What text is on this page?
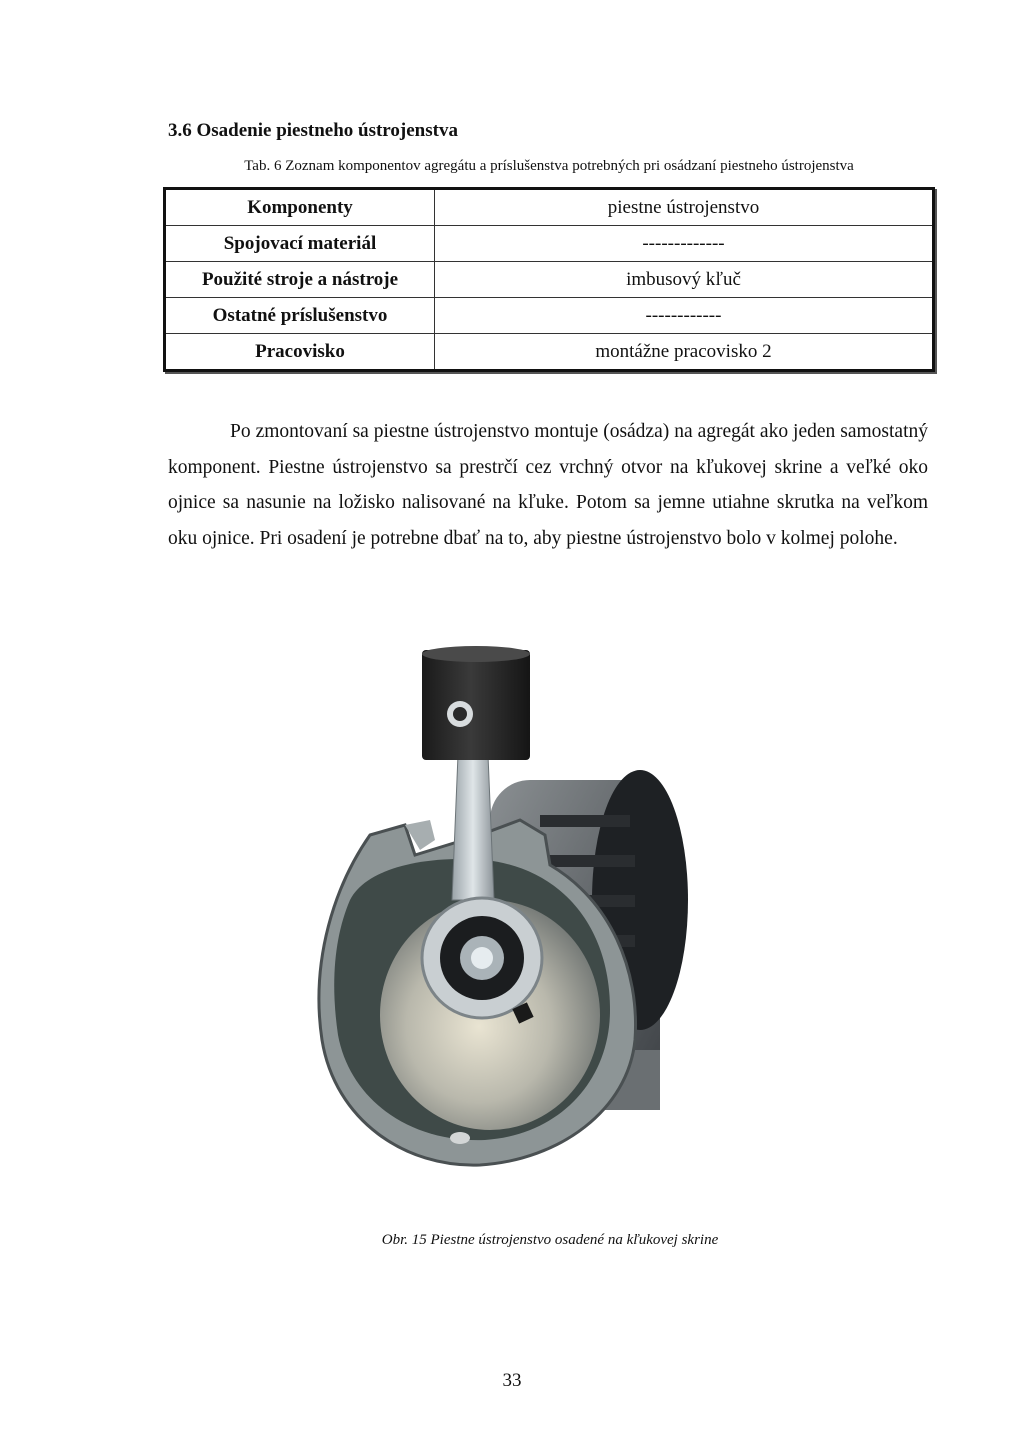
3.6 Osadenie piestneho ústrojenstva

Tab. 6 Zoznam komponentov agregátu a príslušenstva potrebných pri osádzaní piestneho ústrojenstva

Komponenty	piestne ústrojenstvo
Spojovací materiál	-------------
Použité stroje a nástroje	imbusový kľuč
Ostatné príslušenstvo	------------
Pracovisko	montážne pracovisko 2

Po zmontovaní sa piestne ústrojenstvo montuje (osádza) na agregát ako jeden samostatný komponent. Piestne ústrojenstvo sa prestrčí cez vrchný otvor na kľukovej skrine a veľké oko ojnice sa nasunie na ložisko nalisované na kľuke. Potom sa jemne utiahne skrutka na veľkom oku ojnice. Pri osadení je potrebne dbať na to, aby piestne ústrojenstvo bolo v kolmej polohe.

Obr. 15 Piestne ústrojenstvo osadené na kľukovej skrine
33
